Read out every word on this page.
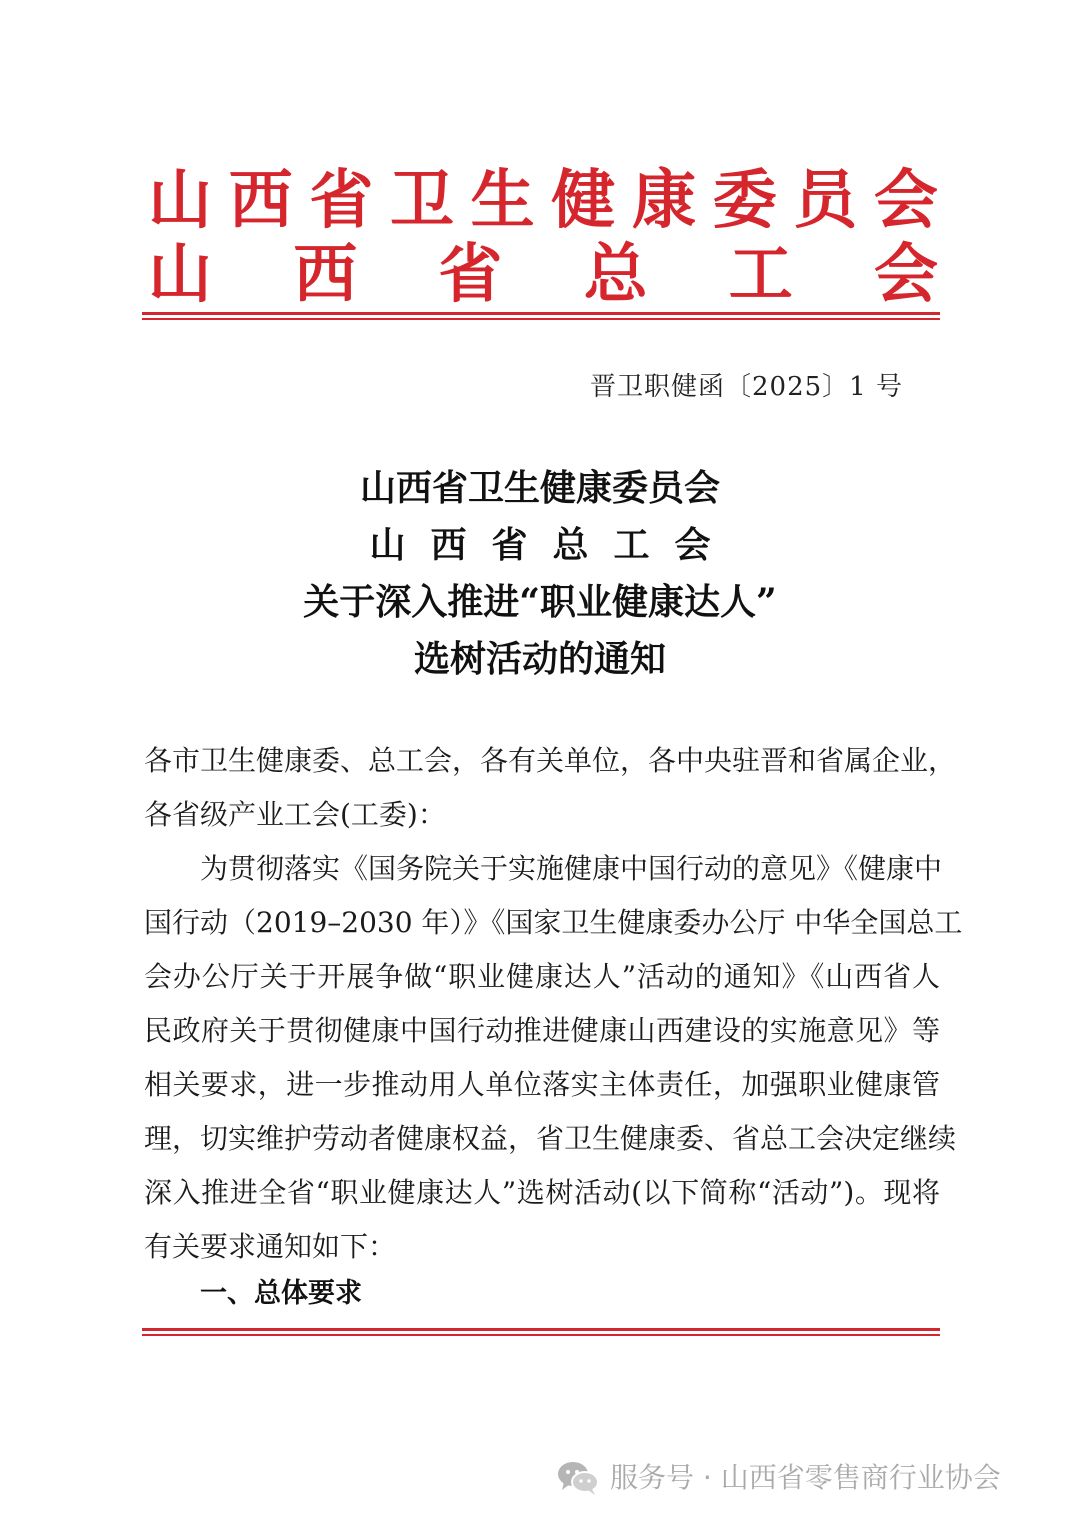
山 西 省 卫 生 健 康 委 员 会
山 西 省 总 工 会
晋卫职健函〔2025〕1 号
山西省卫生健康委员会
山西省总工会
关于深入推进“职业健康达人”
选树活动的通知
各市卫生健康委、总工会，各有关单位，各中央驻晋和省属企业，
各省级产业工会(工委)：
为贯彻落实《国务院关于实施健康中国行动的意见》《健康中
国行动（2019–2030 年）》《国家卫生健康委办公厅 中华全国总工
会办公厅关于开展争做“职业健康达人”活动的通知》《山西省人
民政府关于贯彻健康中国行动推进健康山西建设的实施意见》等
相关要求，进一步推动用人单位落实主体责任，加强职业健康管
理，切实维护劳动者健康权益，省卫生健康委、省总工会决定继续
深入推进全省“职业健康达人”选树活动(以下简称“活动”)。现将
有关要求通知如下：
一、总体要求
服务号 · 山西省零售商行业协会
